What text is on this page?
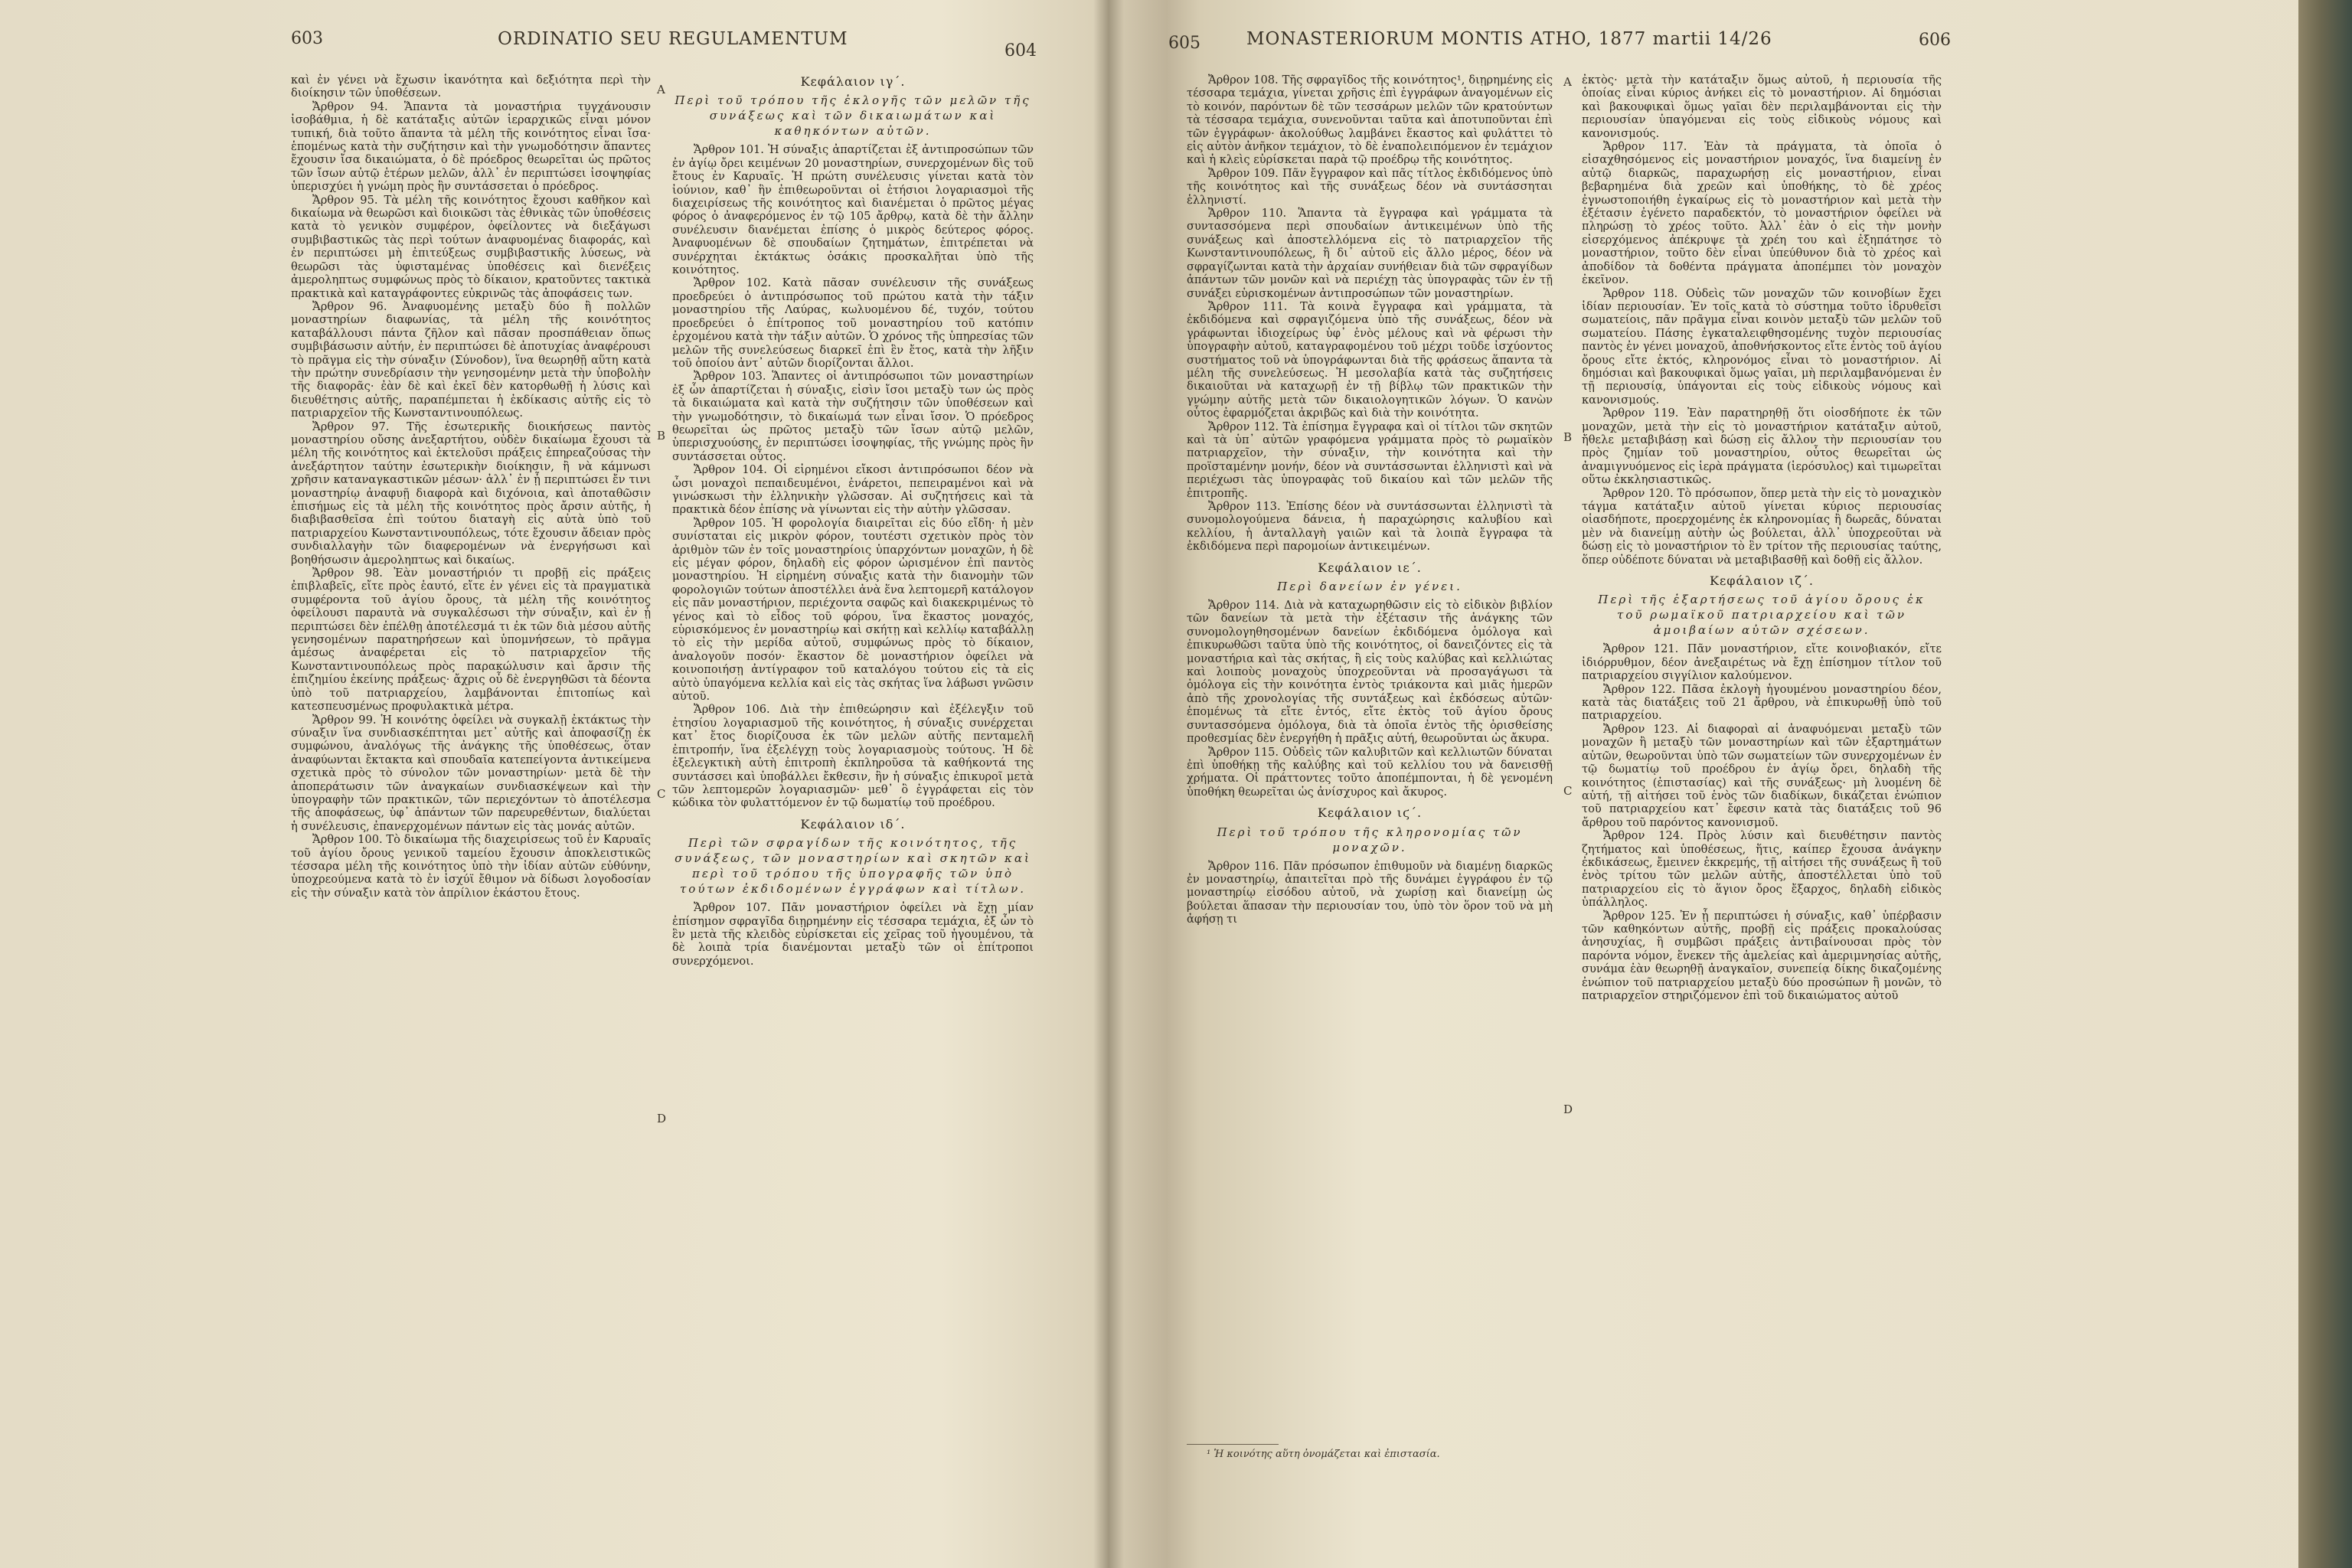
603	ORDINATIO SEU REGULAMENTUM
604
A
B
C
D

καὶ ἐν γένει νὰ ἔχωσιν ἱκανότητα καὶ δεξιότητα περὶ τὴν διοίκησιν τῶν ὑποθέσεων.

Ἄρθρον 94. Ἅπαντα τὰ μοναστήρια τυγχάνουσιν ἰσοβάθμια, ἡ δὲ κατάταξις αὐτῶν ἱεραρχικῶς εἶναι μόνον τυπική, διὰ τοῦτο ἅπαντα τὰ μέλη τῆς κοινότητος εἶναι ἴσα· ἑπομένως κατὰ τὴν συζήτησιν καὶ τὴν γνωμοδότησιν ἅπαντες ἔχουσιν ἴσα δικαιώματα, ὁ δὲ πρόεδρος θεωρεῖται ὡς πρῶτος τῶν ἴσων αὐτῷ ἑτέρων μελῶν, ἀλλ᾽ ἐν περιπτώσει ἰσοψηφίας ὑπερισχύει ἡ γνώμη πρὸς ἣν συντάσσεται ὁ πρόεδρος.

Ἄρθρον 95. Τὰ μέλη τῆς κοινότητος ἔχουσι καθῆκον καὶ δικαίωμα νὰ θεωρῶσι καὶ διοικῶσι τὰς ἐθνικὰς τῶν ὑποθέσεις κατὰ τὸ γενικὸν συμφέρον, ὀφείλοντες νὰ διεξάγωσι συμβιβαστικῶς τὰς περὶ τούτων ἀναφυομένας διαφοράς, καὶ ἐν περιπτώσει μὴ ἐπιτεύξεως συμβιβαστικῆς λύσεως, νὰ θεωρῶσι τὰς ὑφισταμένας ὑποθέσεις καὶ διενέξεις ἀμεροληπτως συμφώνως πρὸς τὸ δίκαιον, κρατοῦντες τακτικὰ πρακτικὰ καὶ καταγράφοντες εὐκρινῶς τὰς ἀποφάσεις των.

Ἄρθρον 96. Ἀναφυομένης μεταξὺ δύο ἢ πολλῶν μοναστηρίων διαφωνίας, τὰ μέλη τῆς κοινότητος καταβάλλουσι πάντα ζῆλον καὶ πᾶσαν προσπάθειαν ὅπως συμβιβάσωσιν αὐτήν, ἐν περιπτώσει δὲ ἀποτυχίας ἀναφέρουσι τὸ πρᾶγμα εἰς τὴν σύναξιν (Σύνοδον), ἵνα θεωρηθῇ αὕτη κατὰ τὴν πρώτην συνεδρίασιν τὴν γενησομένην μετὰ τὴν ὑποβολὴν τῆς διαφορᾶς· ἐὰν δὲ καὶ ἐκεῖ δὲν κατορθωθῇ ἡ λύσις καὶ διευθέτησις αὐτῆς, παραπέμπεται ἡ ἐκδίκασις αὐτῆς εἰς τὸ πατριαρχεῖον τῆς Κωνσταντινουπόλεως.

Ἄρθρον 97. Τῆς ἐσωτερικῆς διοικήσεως παντὸς μοναστηρίου οὔσης ἀνεξαρτήτου, οὐδὲν δικαίωμα ἔχουσι τὰ μέλη τῆς κοινότητος καὶ ἐκτελοῦσι πράξεις ἐπηρεαζούσας τὴν ἀνεξάρτητον ταύτην ἐσωτερικὴν διοίκησιν, ἢ νὰ κάμνωσι χρῆσιν καταναγκαστικῶν μέσων· ἀλλ᾽ ἐν ᾗ περιπτώσει ἔν τινι μοναστηρίῳ ἀναφυῇ διαφορὰ καὶ διχόνοια, καὶ ἀποταθῶσιν ἐπισήμως εἰς τὰ μέλη τῆς κοινότητος πρὸς ἄρσιν αὐτῆς, ἡ διαβιβασθεῖσα ἐπὶ τούτου διαταγὴ εἰς αὐτὰ ὑπὸ τοῦ πατριαρχείου Κωνσταντινουπόλεως, τότε ἔχουσιν ἄδειαν πρὸς συνδιαλλαγὴν τῶν διαφερομένων νὰ ἐνεργήσωσι καὶ βοηθήσωσιν ἀμεροληπτως καὶ δικαίως.

Ἄρθρον 98. Ἐὰν μοναστήριόν τι προβῇ εἰς πράξεις ἐπιβλαβεῖς, εἴτε πρὸς ἑαυτό, εἴτε ἐν γένει εἰς τὰ πραγματικὰ συμφέροντα τοῦ ἁγίου ὄρους, τὰ μέλη τῆς κοινότητος ὀφείλουσι παραυτὰ νὰ συγκαλέσωσι τὴν σύναξιν, καὶ ἐν ᾗ περιπτώσει δὲν ἐπέλθῃ ἀποτέλεσμά τι ἐκ τῶν διὰ μέσου αὐτῆς γενησομένων παρατηρήσεων καὶ ὑπομνήσεων, τὸ πρᾶγμα ἀμέσως ἀναφέρεται εἰς τὸ πατριαρχεῖον τῆς Κωνσταντινουπόλεως πρὸς παρακώλυσιν καὶ ἄρσιν τῆς ἐπιζημίου ἐκείνης πράξεως· ἄχρις οὗ δὲ ἐνεργηθῶσι τὰ δέοντα ὑπὸ τοῦ πατριαρχείου, λαμβάνονται ἐπιτοπίως καὶ κατεσπευσμένως προφυλακτικὰ μέτρα.

Ἄρθρον 99. Ἡ κοινότης ὀφείλει νὰ συγκαλῇ ἐκτάκτως τὴν σύναξιν ἵνα συνδιασκέπτηται μετ᾽ αὐτῆς καὶ ἀποφασίζῃ ἐκ συμφώνου, ἀναλόγως τῆς ἀνάγκης τῆς ὑποθέσεως, ὅταν ἀναφύωνται ἔκτακτα καὶ σπουδαῖα κατεπείγοντα ἀντικείμενα σχετικὰ πρὸς τὸ σύνολον τῶν μοναστηρίων· μετὰ δὲ τὴν ἀποπεράτωσιν τῶν ἀναγκαίων συνδιασκέψεων καὶ τὴν ὑπογραφὴν τῶν πρακτικῶν, τῶν περιεχόντων τὸ ἀποτέλεσμα τῆς ἀποφάσεως, ὑφ᾽ ἁπάντων τῶν παρευρεθέντων, διαλύεται ἡ συνέλευσις, ἐπανερχομένων πάντων εἰς τὰς μονάς αὐτῶν.

Ἄρθρον 100. Τὸ δικαίωμα τῆς διαχειρίσεως τοῦ ἐν Καρυαῖς τοῦ ἁγίου ὄρους γενικοῦ ταμείου ἔχουσιν ἀποκλειστικῶς τέσσαρα μέλη τῆς κοινότητος ὑπὸ τὴν ἰδίαν αὐτῶν εὐθύνην, ὑποχρεούμενα κατὰ τὸ ἐν ἰσχύϊ ἔθιμον νὰ δίδωσι λογοδοσίαν εἰς τὴν σύναξιν κατὰ τὸν ἀπρίλιον ἑκάστου ἔτους.

Κεφάλαιον ιγ΄.
Περὶ τοῦ τρόπου τῆς ἐκλογῆς τῶν μελῶν τῆς συνάξεως καὶ τῶν δικαιωμάτων καὶ καθηκόντων αὐτῶν.

Ἄρθρον 101. Ἡ σύναξις ἀπαρτίζεται ἐξ ἀντιπροσώπων τῶν ἐν ἁγίῳ ὄρει κειμένων 20 μοναστηρίων, συνερχομένων δὶς τοῦ ἔτους ἐν Καρυαῖς. Ἡ πρώτη συνέλευσις γίνεται κατὰ τὸν ἰούνιον, καθ᾽ ἣν ἐπιθεωροῦνται οἱ ἐτήσιοι λογαριασμοὶ τῆς διαχειρίσεως τῆς κοινότητος καὶ διανέμεται ὁ πρῶτος μέγας φόρος ὁ ἀναφερόμενος ἐν τῷ 105 ἄρθρῳ, κατὰ δὲ τὴν ἄλλην συνέλευσιν διανέμεται ἐπίσης ὁ μικρὸς δεύτερος φόρος. Ἀναφυομένων δὲ σπουδαίων ζητημάτων, ἐπιτρέπεται νὰ συνέρχηται ἐκτάκτως ὁσάκις προσκαλῆται ὑπὸ τῆς κοινότητος.

Ἄρθρον 102. Κατὰ πᾶσαν συνέλευσιν τῆς συνάξεως προεδρεύει ὁ ἀντιπρόσωπος τοῦ πρώτου κατὰ τὴν τάξιν μοναστηρίου τῆς Λαύρας, κωλυομένου δέ, τυχόν, τούτου προεδρεύει ὁ ἐπίτροπος τοῦ μοναστηρίου τοῦ κατόπιν ἐρχομένου κατὰ τὴν τάξιν αὐτῶν. Ὁ χρόνος τῆς ὑπηρεσίας τῶν μελῶν τῆς συνελεύσεως διαρκεῖ ἐπὶ ἓν ἔτος, κατὰ τὴν λῆξιν τοῦ ὁποίου ἀντ᾽ αὐτῶν διορίζονται ἄλλοι.

Ἄρθρον 103. Ἅπαντες οἱ ἀντιπρόσωποι τῶν μοναστηρίων ἐξ ὧν ἀπαρτίζεται ἡ σύναξις, εἰσὶν ἴσοι μεταξὺ των ὡς πρὸς τὰ δικαιώματα καὶ κατὰ τὴν συζήτησιν τῶν ὑποθέσεων καὶ τὴν γνωμοδότησιν, τὸ δικαίωμά των εἶναι ἴσον. Ὁ πρόεδρος θεωρεῖται ὡς πρῶτος μεταξὺ τῶν ἴσων αὐτῷ μελῶν, ὑπερισχυούσης, ἐν περιπτώσει ἰσοψηφίας, τῆς γνώμης πρὸς ἣν συντάσσεται οὗτος.

Ἄρθρον 104. Οἱ εἰρημένοι εἴκοσι ἀντιπρόσωποι δέον νὰ ὦσι μοναχοὶ πεπαιδευμένοι, ἐνάρετοι, πεπειραμένοι καὶ νὰ γινώσκωσι τὴν ἑλληνικὴν γλῶσσαν. Αἱ συζητήσεις καὶ τὰ πρακτικὰ δέον ἐπίσης νὰ γίνωνται εἰς τὴν αὐτὴν γλῶσσαν.

Ἄρθρον 105. Ἡ φορολογία διαιρεῖται εἰς δύο εἴδη· ἡ μὲν συνίσταται εἰς μικρὸν φόρον, τουτέστι σχετικὸν πρὸς τὸν ἀριθμὸν τῶν ἐν τοῖς μοναστηρίοις ὑπαρχόντων μοναχῶν, ἡ δὲ εἰς μέγαν φόρον, δηλαδὴ εἰς φόρον ὡρισμένον ἐπὶ παντὸς μοναστηρίου. Ἡ εἰρημένη σύναξις κατὰ τὴν διανομὴν τῶν φορολογιῶν τούτων ἀποστέλλει ἀνὰ ἕνα λεπτομερῆ κατάλογον εἰς πᾶν μοναστήριον, περιέχοντα σαφῶς καὶ διακεκριμένως τὸ γένος καὶ τὸ εἶδος τοῦ φόρου, ἵνα ἕκαστος μοναχός, εὑρισκόμενος ἐν μοναστηρίῳ καὶ σκήτῃ καὶ κελλίῳ καταβάλλῃ τὸ εἰς τὴν μερίδα αὐτοῦ, συμφώνως πρὸς τὸ δίκαιον, ἀναλογοῦν ποσόν· ἕκαστον δὲ μοναστήριον ὀφείλει νὰ κοινοποιήσῃ ἀντίγραφον τοῦ καταλόγου τούτου εἰς τὰ εἰς αὐτὸ ὑπαγόμενα κελλία καὶ εἰς τὰς σκήτας ἵνα λάβωσι γνῶσιν αὐτοῦ.

Ἄρθρον 106. Διὰ τὴν ἐπιθεώρησιν καὶ ἐξέλεγξιν τοῦ ἐτησίου λογαριασμοῦ τῆς κοινότητος, ἡ σύναξις συνέρχεται κατ᾽ ἔτος διορίζουσα ἐκ τῶν μελῶν αὐτῆς πενταμελῆ ἐπιτροπήν, ἵνα ἐξελέγχῃ τοὺς λογαριασμοὺς τούτους. Ἡ δὲ ἐξελεγκτικὴ αὐτὴ ἐπιτροπὴ ἐκπληροῦσα τὰ καθήκοντά της συντάσσει καὶ ὑποβάλλει ἔκθεσιν, ἣν ἡ σύναξις ἐπικυροῖ μετὰ τῶν λεπτομερῶν λογαριασμῶν· μεθ᾽ ὃ ἐγγράφεται εἰς τὸν κώδικα τὸν φυλαττόμενον ἐν τῷ δωματίῳ τοῦ προέδρου.

Κεφάλαιον ιδ΄.
Περὶ τῶν σφραγίδων τῆς κοινότητος, τῆς συνάξεως, τῶν μοναστηρίων καὶ σκητῶν καὶ περὶ τοῦ τρόπου τῆς ὑπογραφῆς τῶν ὑπὸ τούτων ἐκδιδομένων ἐγγράφων καὶ τίτλων.

Ἄρθρον 107. Πᾶν μοναστήριον ὀφείλει νὰ ἔχῃ μίαν ἐπίσημον σφραγῖδα διῃρημένην εἰς τέσσαρα τεμάχια, ἐξ ὧν τὸ ἓν μετὰ τῆς κλειδὸς εὑρίσκεται εἰς χεῖρας τοῦ ἡγουμένου, τὰ δὲ λοιπὰ τρία διανέμονται μεταξὺ τῶν οἱ ἐπίτροποι συνερχόμενοι.

605	MONASTERIORUM MONTIS ATHO, 1877 martii 14/26	606
A
B
C
D

Ἄρθρον 108. Τῆς σφραγῖδος τῆς κοινότητος¹, διῃρημένης εἰς τέσσαρα τεμάχια, γίνεται χρῆσις ἐπὶ ἐγγράφων ἀναγομένων εἰς τὸ κοινόν, παρόντων δὲ τῶν τεσσάρων μελῶν τῶν κρατούντων τὰ τέσσαρα τεμάχια, συνενοῦνται ταῦτα καὶ ἀποτυποῦνται ἐπὶ τῶν ἐγγράφων· ἀκολούθως λαμβάνει ἕκαστος καὶ φυλάττει τὸ εἰς αὐτὸν ἀνῆκον τεμάχιον, τὸ δὲ ἐναπολειπόμενον ἐν τεμάχιον καὶ ἡ κλεὶς εὑρίσκεται παρὰ τῷ προέδρῳ τῆς κοινότητος.

Ἄρθρον 109. Πᾶν ἔγγραφον καὶ πᾶς τίτλος ἐκδιδόμενος ὑπὸ τῆς κοινότητος καὶ τῆς συνάξεως δέον νὰ συντάσσηται ἑλληνιστί.

Ἄρθρον 110. Ἅπαντα τὰ ἔγγραφα καὶ γράμματα τὰ συντασσόμενα περὶ σπουδαίων ἀντικειμένων ὑπὸ τῆς συνάξεως καὶ ἀποστελλόμενα εἰς τὸ πατριαρχεῖον τῆς Κωνσταντινουπόλεως, ἢ δι᾽ αὐτοῦ εἰς ἄλλο μέρος, δέον νὰ σφραγίζωνται κατὰ τὴν ἀρχαίαν συνήθειαν διὰ τῶν σφραγίδων ἁπάντων τῶν μονῶν καὶ νὰ περιέχῃ τὰς ὑπογραφὰς τῶν ἐν τῇ συνάξει εὑρισκομένων ἀντιπροσώπων τῶν μοναστηρίων.

Ἄρθρον 111. Τὰ κοινὰ ἔγγραφα καὶ γράμματα, τὰ ἐκδιδόμενα καὶ σφραγιζόμενα ὑπὸ τῆς συνάξεως, δέον νὰ γράφωνται ἰδιοχείρως ὑφ᾽ ἑνὸς μέλους καὶ νὰ φέρωσι τὴν ὑπογραφὴν αὐτοῦ, καταγραφομένου τοῦ μέχρι τοῦδε ἰσχύοντος συστήματος τοῦ νὰ ὑπογράφωνται διὰ τῆς φράσεως ἅπαντα τὰ μέλη τῆς συνελεύσεως. Ἡ μεσολαβία κατὰ τὰς συζητήσεις δικαιοῦται νὰ καταχωρῇ ἐν τῇ βίβλῳ τῶν πρακτικῶν τὴν γνώμην αὐτῆς μετὰ τῶν δικαιολογητικῶν λόγων. Ὁ κανὼν οὗτος ἐφαρμόζεται ἀκριβῶς καὶ διὰ τὴν κοινότητα.

Ἄρθρον 112. Τὰ ἐπίσημα ἔγγραφα καὶ οἱ τίτλοι τῶν σκητῶν καὶ τὰ ὑπ᾽ αὐτῶν γραφόμενα γράμματα πρὸς τὸ ρωμαϊκὸν πατριαρχεῖον, τὴν σύναξιν, τὴν κοινότητα καὶ τὴν προϊσταμένην μονήν, δέον νὰ συντάσσωνται ἑλληνιστὶ καὶ νὰ περιέχωσι τὰς ὑπογραφὰς τοῦ δικαίου καὶ τῶν μελῶν τῆς ἐπιτροπῆς.

Ἄρθρον 113. Ἐπίσης δέον νὰ συντάσσωνται ἑλληνιστὶ τὰ συνομολογούμενα δάνεια, ἡ παραχώρησις καλυβίου καὶ κελλίου, ἡ ἀνταλλαγὴ γαιῶν καὶ τὰ λοιπὰ ἔγγραφα τὰ ἐκδιδόμενα περὶ παρομοίων ἀντικειμένων.

Κεφάλαιον ιε΄.
Περὶ δανείων ἐν γένει.

Ἄρθρον 114. Διὰ νὰ καταχωρηθῶσιν εἰς τὸ εἰδικὸν βιβλίον τῶν δανείων τὰ μετὰ τὴν ἐξέτασιν τῆς ἀνάγκης τῶν συνομολογηθησομένων δανείων ἐκδιδόμενα ὁμόλογα καὶ ἐπικυρωθῶσι ταῦτα ὑπὸ τῆς κοινότητος, οἱ δανειζόντες εἰς τὰ μοναστήρια καὶ τὰς σκήτας, ἢ εἰς τοὺς καλύβας καὶ κελλιώτας καὶ λοιποὺς μοναχοὺς ὑποχρεοῦνται νὰ προσαγάγωσι τὰ ὁμόλογα εἰς τὴν κοινότητα ἐντὸς τριάκοντα καὶ μιᾶς ἡμερῶν ἀπὸ τῆς χρονολογίας τῆς συντάξεως καὶ ἐκδόσεως αὐτῶν· ἑπομένως τὰ εἴτε ἐντός, εἴτε ἐκτὸς τοῦ ἁγίου ὄρους συντασσόμενα ὁμόλογα, διὰ τὰ ὁποῖα ἐντὸς τῆς ὁρισθείσης προθεσμίας δὲν ἐνεργήθη ἡ πρᾶξις αὐτή, θεωροῦνται ὡς ἄκυρα.

Ἄρθρον 115. Οὐδεὶς τῶν καλυβιτῶν καὶ κελλιωτῶν δύναται ἐπὶ ὑποθήκῃ τῆς καλύβης καὶ τοῦ κελλίου του νὰ δανεισθῇ χρήματα. Οἱ πράττοντες τοῦτο ἀποπέμπονται, ἡ δὲ γενομένη ὑποθήκη θεωρεῖται ὡς ἀνίσχυρος καὶ ἄκυρος.

Κεφάλαιον ιϛ΄.
Περὶ τοῦ τρόπου τῆς κληρονομίας τῶν μοναχῶν.

Ἄρθρον 116. Πᾶν πρόσωπον ἐπιθυμοῦν νὰ διαμένῃ διαρκῶς ἐν μοναστηρίῳ, ἀπαιτεῖται πρὸ τῆς δυνάμει ἐγγράφου ἐν τῷ μοναστηρίῳ εἰσόδου αὐτοῦ, νὰ χωρίσῃ καὶ διανείμῃ ὡς βούλεται ἅπασαν τὴν περιουσίαν του, ὑπὸ τὸν ὅρον τοῦ νὰ μὴ ἀφήσῃ τι

¹ Ἡ κοινότης αὕτη ὀνομάζεται καὶ ἐπιστασία.

ἐκτὸς· μετὰ τὴν κατάταξιν ὅμως αὐτοῦ, ἡ περιουσία τῆς ὁποίας εἶναι κύριος ἀνήκει εἰς τὸ μοναστήριον. Αἱ δημόσιαι καὶ βακουφικαὶ ὅμως γαῖαι δὲν περιλαμβάνονται εἰς τὴν περιουσίαν ὑπαγόμεναι εἰς τοὺς εἰδικοὺς νόμους καὶ κανονισμούς.

Ἄρθρον 117. Ἐὰν τὰ πράγματα, τὰ ὁποῖα ὁ εἰσαχθησόμενος εἰς μοναστήριον μοναχός, ἵνα διαμείνῃ ἐν αὐτῷ διαρκῶς, παραχωρήσῃ εἰς μοναστήριον, εἶναι βεβαρημένα διὰ χρεῶν καὶ ὑποθήκης, τὸ δὲ χρέος ἐγνωστοποιήθη ἐγκαίρως εἰς τὸ μοναστήριον καὶ μετὰ τὴν ἐξέτασιν ἐγένετο παραδεκτόν, τὸ μοναστήριον ὀφείλει νὰ πληρώσῃ τὸ χρέος τοῦτο. Ἀλλ᾽ ἐὰν ὁ εἰς τὴν μονὴν εἰσερχόμενος ἀπέκρυψε τὰ χρέη του καὶ ἐξηπάτησε τὸ μοναστήριον, τοῦτο δὲν εἶναι ὑπεύθυνον διὰ τὸ χρέος καὶ ἀποδίδον τὰ δοθέντα πράγματα ἀποπέμπει τὸν μοναχὸν ἐκεῖνον.

Ἄρθρον 118. Οὐδεὶς τῶν μοναχῶν τῶν κοινοβίων ἔχει ἰδίαν περιουσίαν. Ἐν τοῖς κατὰ τὸ σύστημα τοῦτο ἱδρυθεῖσι σωματείοις, πᾶν πρᾶγμα εἶναι κοινὸν μεταξὺ τῶν μελῶν τοῦ σωματείου. Πάσης ἐγκαταλειφθησομένης τυχὸν περιουσίας παντὸς ἐν γένει μοναχοῦ, ἀποθνήσκοντος εἴτε ἐντὸς τοῦ ἁγίου ὄρους εἴτε ἐκτός, κληρονόμος εἶναι τὸ μοναστήριον. Αἱ δημόσιαι καὶ βακουφικαὶ ὅμως γαῖαι, μὴ περιλαμβανόμεναι ἐν τῇ περιουσίᾳ, ὑπάγονται εἰς τοὺς εἰδικοὺς νόμους καὶ κανονισμούς.

Ἄρθρον 119. Ἐὰν παρατηρηθῇ ὅτι οἱοσδήποτε ἐκ τῶν μοναχῶν, μετὰ τὴν εἰς τὸ μοναστήριον κατάταξιν αὐτοῦ, ἤθελε μεταβιβάσῃ καὶ δώσῃ εἰς ἄλλον τὴν περιουσίαν του πρὸς ζημίαν τοῦ μοναστηρίου, οὗτος θεωρεῖται ὡς ἀναμιγνυόμενος εἰς ἱερὰ πράγματα (ἱερόσυλος) καὶ τιμωρεῖται οὕτω ἐκκλησιαστικῶς.

Ἄρθρον 120. Τὸ πρόσωπον, ὅπερ μετὰ τὴν εἰς τὸ μοναχικὸν τάγμα κατάταξιν αὐτοῦ γίνεται κύριος περιουσίας οἱασδήποτε, προερχομένης ἐκ κληρονομίας ἢ δωρεᾶς, δύναται μὲν νὰ διανείμῃ αὐτὴν ὡς βούλεται, ἀλλ᾽ ὑποχρεοῦται νὰ δώσῃ εἰς τὸ μοναστήριον τὸ ἓν τρίτον τῆς περιουσίας ταύτης, ὅπερ οὐδέποτε δύναται νὰ μεταβιβασθῇ καὶ δοθῇ εἰς ἄλλον.

Κεφάλαιον ιζ΄.
Περὶ τῆς ἐξαρτήσεως τοῦ ἁγίου ὄρους ἐκ τοῦ ρωμαϊκοῦ πατριαρχείου καὶ τῶν ἀμοιβαίων αὐτῶν σχέσεων.

Ἄρθρον 121. Πᾶν μοναστήριον, εἴτε κοινοβιακόν, εἴτε ἰδιόρρυθμον, δέον ἀνεξαιρέτως νὰ ἔχῃ ἐπίσημον τίτλον τοῦ πατριαρχείου σιγγίλιον καλούμενον.

Ἄρθρον 122. Πᾶσα ἐκλογὴ ἡγουμένου μοναστηρίου δέον, κατὰ τὰς διατάξεις τοῦ 21 ἄρθρου, νὰ ἐπικυρωθῇ ὑπὸ τοῦ πατριαρχείου.

Ἄρθρον 123. Αἱ διαφοραὶ αἱ ἀναφυόμεναι μεταξὺ τῶν μοναχῶν ἢ μεταξὺ τῶν μοναστηρίων καὶ τῶν ἐξαρτημάτων αὐτῶν, θεωροῦνται ὑπὸ τῶν σωματείων τῶν συνερχομένων ἐν τῷ δωματίῳ τοῦ προέδρου ἐν ἁγίῳ ὄρει, δηλαδὴ τῆς κοινότητος (ἐπιστασίας) καὶ τῆς συνάξεως· μὴ λυομένη δὲ αὐτή, τῇ αἰτήσει τοῦ ἑνὸς τῶν διαδίκων, δικάζεται ἐνώπιον τοῦ πατριαρχείου κατ᾽ ἔφεσιν κατὰ τὰς διατάξεις τοῦ 96 ἄρθρου τοῦ παρόντος κανονισμοῦ.

Ἄρθρον 124. Πρὸς λύσιν καὶ διευθέτησιν παντὸς ζητήματος καὶ ὑποθέσεως, ἥτις, καίπερ ἔχουσα ἀνάγκην ἐκδικάσεως, ἔμεινεν ἐκκρεμής, τῇ αἰτήσει τῆς συνάξεως ἢ τοῦ ἑνὸς τρίτου τῶν μελῶν αὐτῆς, ἀποστέλλεται ὑπὸ τοῦ πατριαρχείου εἰς τὸ ἅγιον ὄρος ἔξαρχος, δηλαδὴ εἰδικὸς ὑπάλληλος.

Ἄρθρον 125. Ἐν ᾗ περιπτώσει ἡ σύναξις, καθ᾽ ὑπέρβασιν τῶν καθηκόντων αὐτῆς, προβῇ εἰς πράξεις προκαλούσας ἀνησυχίας, ἢ συμβῶσι πράξεις ἀντιβαίνουσαι πρὸς τὸν παρόντα νόμον, ἕνεκεν τῆς ἀμελείας καὶ ἀμεριμνησίας αὐτῆς, συνάμα ἐὰν θεωρηθῇ ἀναγκαῖον, συνεπείᾳ δίκης δικαζομένης ἐνώπιον τοῦ πατριαρχείου μεταξὺ δύο προσώπων ἢ μονῶν, τὸ πατριαρχεῖον στηριζόμενον ἐπὶ τοῦ δικαιώματος αὐτοῦ
